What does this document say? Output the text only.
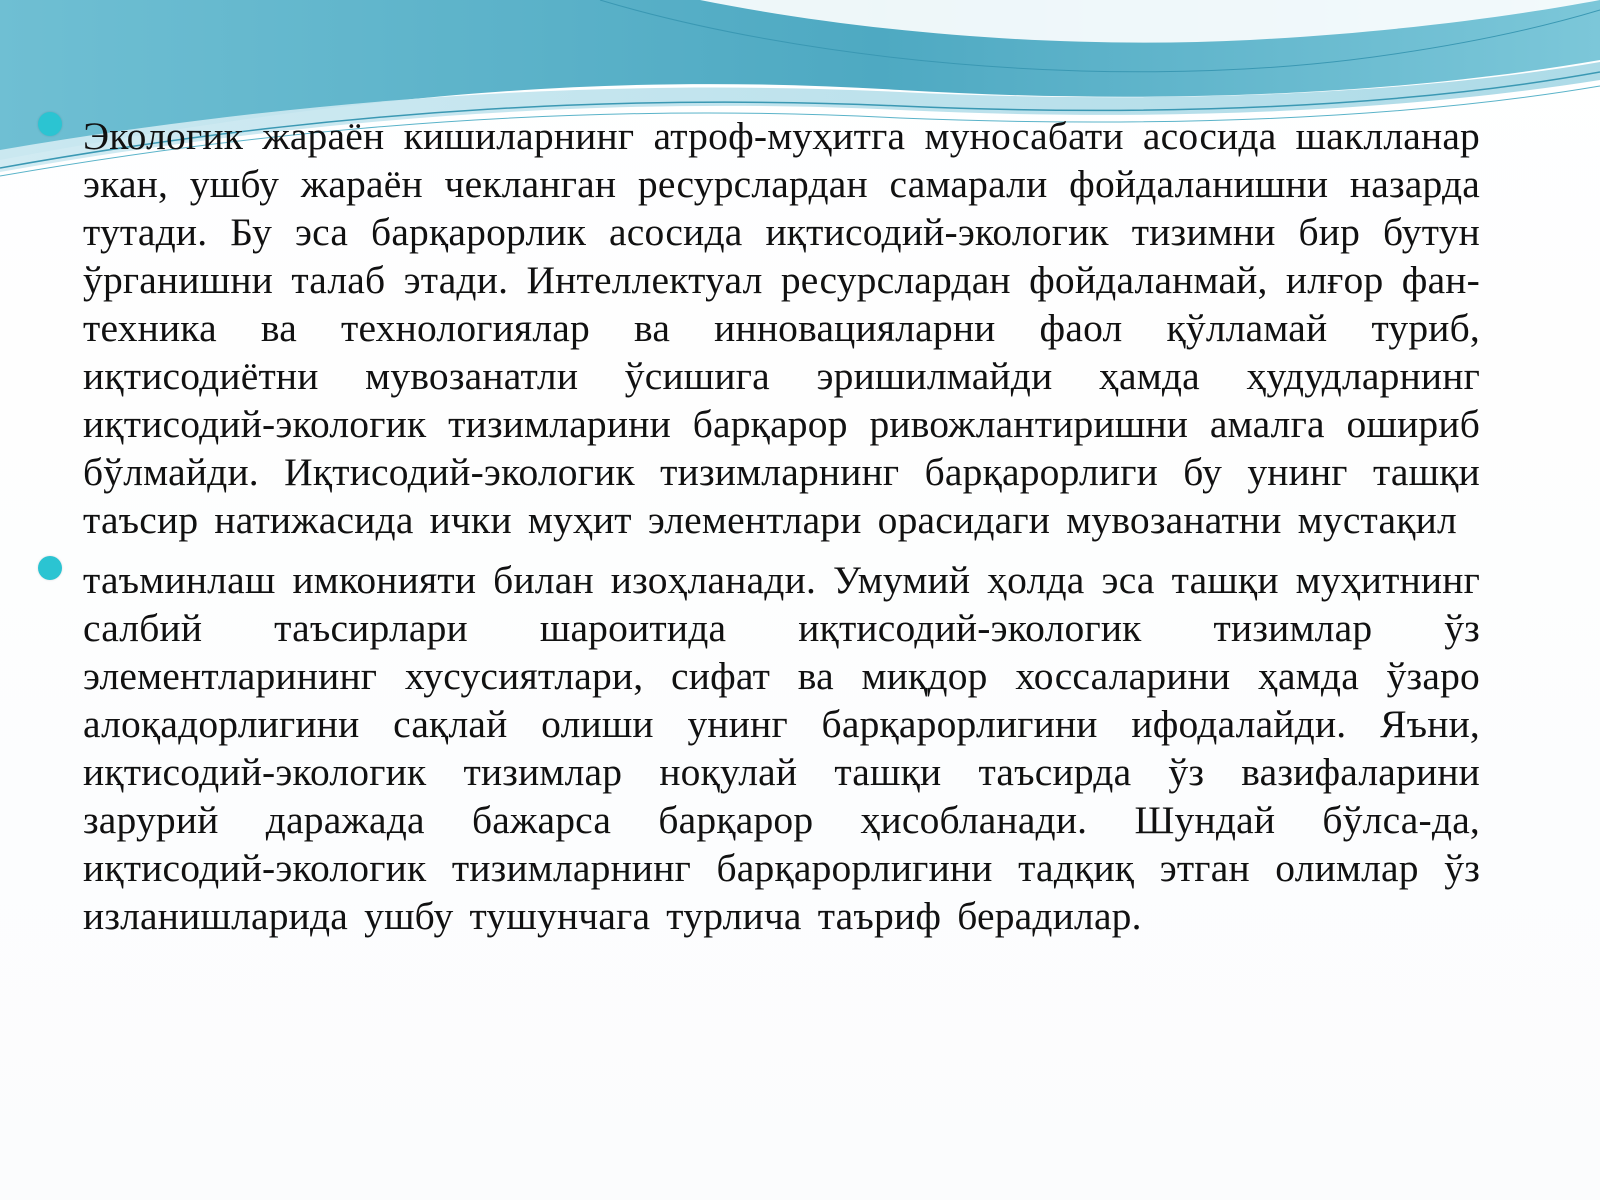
Экологик жараён кишиларнинг атроф-муҳитга муносабати асосида шаклланар экан, ушбу жараён чекланган ресурслардан самарали фойдаланишни назарда тутади. Бу эса барқарорлик асосида иқтисодий-экологик тизимни бир бутун ўрганишни талаб этади. Интеллектуал ресурслардан фойдаланмай, илғор фан-техника ва технологиялар ва инновацияларни фаол қўлламай туриб, иқтисодиётни мувозанатли ўсишига эришилмайди ҳамда ҳудудларнинг иқтисодий-экологик тизимларини барқарор ривожлантиришни амалга ошириб бўлмайди. Иқтисодий-экологик тизимларнинг барқарорлиги бу унинг ташқи таъсир натижасида ички муҳит элементлари орасидаги мувозанатни мустақил

таъминлаш имконияти билан изоҳланади. Умумий ҳолда эса ташқи муҳитнинг салбий таъсирлари шароитида иқтисодий-экологик тизимлар ўз элементларининг хусусиятлари, сифат ва миқдор хоссаларини ҳамда ўзаро алоқадорлигини сақлай олиши унинг барқарорлигини ифодалайди. Яъни, иқтисодий-экологик тизимлар ноқулай ташқи таъсирда ўз вазифаларини зарурий даражада бажарса барқарор ҳисобланади. Шундай бўлса-да, иқтисодий-экологик тизимларнинг барқарорлигини тадқиқ этган олимлар ўз изланишларида ушбу тушунчага турлича таъриф берадилар.
